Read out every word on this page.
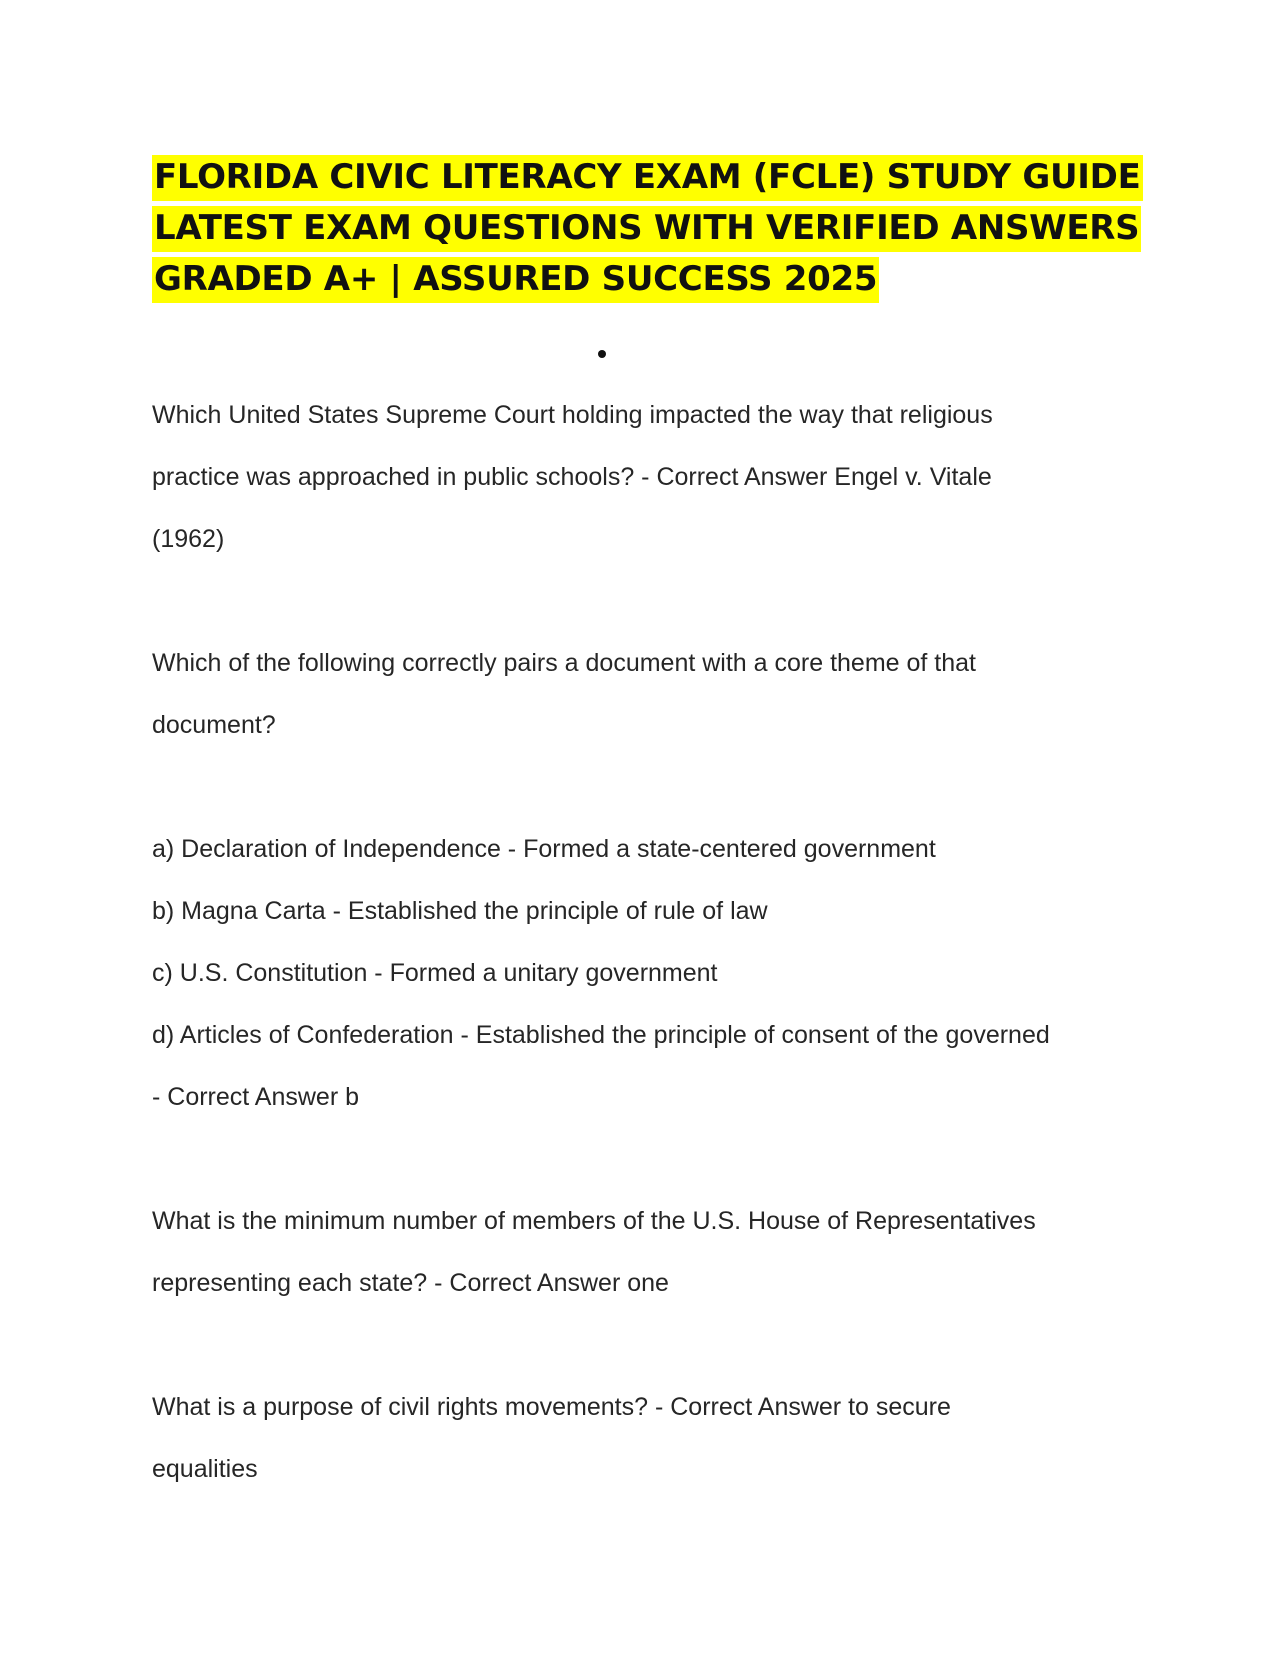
FLORIDA CIVIC LITERACY EXAM (FCLE) STUDY GUIDE
LATEST EXAM QUESTIONS WITH VERIFIED ANSWERS
GRADED A+ | ASSURED SUCCESS 2025

Which United States Supreme Court holding impacted the way that religious

practice was approached in public schools? - Correct Answer Engel v. Vitale

(1962)

Which of the following correctly pairs a document with a core theme of that

document?

a) Declaration of Independence - Formed a state-centered government

b) Magna Carta - Established the principle of rule of law

c) U.S. Constitution - Formed a unitary government

d) Articles of Confederation - Established the principle of consent of the governed

- Correct Answer b

What is the minimum number of members of the U.S. House of Representatives

representing each state? - Correct Answer one

What is a purpose of civil rights movements? - Correct Answer to secure

equalities
